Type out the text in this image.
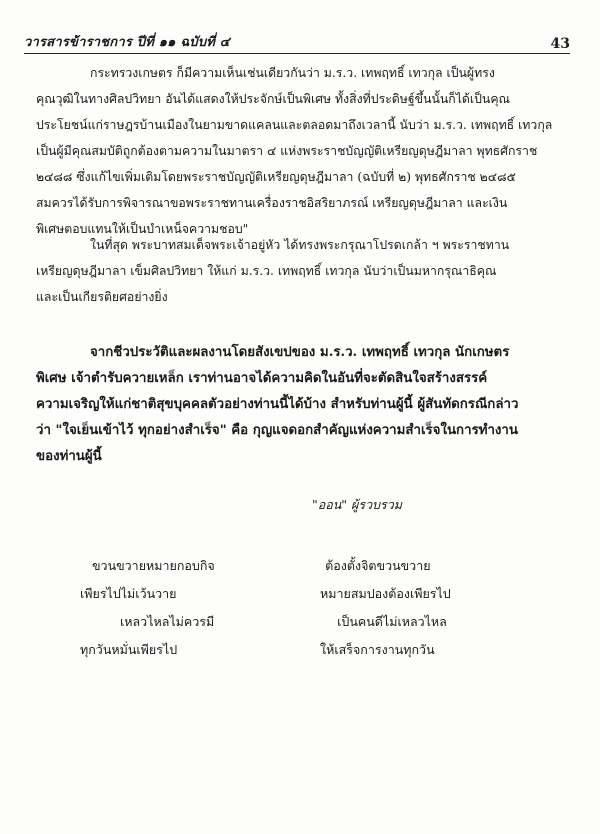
วารสารข้าราชการ ปีที่ ๑๑ ฉบับที่ ๔	43
กระทรวงเกษตร ก็มีความเห็นเช่นเดียวกันว่า ม.ร.ว. เทพฤทธิ์ เทวกุล เป็นผู้ทรง
คุณวุฒิในทางศิลปวิทยา อันได้แสดงให้ประจักษ์เป็นพิเศษ ทั้งสิ่งที่ประดิษฐ์ขึ้นนั้นก็ได้เป็นคุณ
ประโยชน์แก่ราษฎรบ้านเมืองในยามขาดแคลนและตลอดมาถึงเวลานี้ นับว่า ม.ร.ว. เทพฤทธิ์ เทวกุล
เป็นผู้มีคุณสมบัติถูกต้องตามความในมาตรา ๔ แห่งพระราชบัญญัติเหรียญดุษฎีมาลา พุทธศักราช
๒๔๘๘ ซึ่งแก้ไขเพิ่มเติมโดยพระราชบัญญัติเหรียญดุษฎีมาลา (ฉบับที่ ๒) พุทธศักราช ๒๔๘๕
สมควรได้รับการพิจารณาขอพระราชทานเครื่องราชอิสริยาภรณ์ เหรียญดุษฎีมาลา และเงิน
พิเศษตอบแทนให้เป็นบำเหน็จความชอบ"
ในที่สุด พระบาทสมเด็จพระเจ้าอยู่หัว ได้ทรงพระกรุณาโปรดเกล้า ฯ พระราชทาน
เหรียญดุษฎีมาลา เข็มศิลปวิทยา ให้แก่ ม.ร.ว. เทพฤทธิ์ เทวกุล นับว่าเป็นมหากรุณาธิคุณ
และเป็นเกียรติยศอย่างยิ่ง
จากชีวประวัติและผลงานโดยสังเขปของ ม.ร.ว. เทพฤทธิ์ เทวกุล นักเกษตร
พิเศษ เจ้าตำรับควายเหล็ก เราท่านอาจได้ความคิดในอันที่จะตัดสินใจสร้างสรรค์
ความเจริญให้แก่ชาติสุขบุคคลตัวอย่างท่านนี้ได้บ้าง สำหรับท่านผู้นี้ ผู้สันทัดกรณีกล่าว
ว่า "ใจเย็นเข้าไว้ ทุกอย่างสำเร็จ" คือ กุญแจดอกสำคัญแห่งความสำเร็จในการทำงาน
ของท่านผู้นี้
"ออน" ผู้รวบรวม
ขวนขวายหมายกอบกิจ	ต้องตั้งจิตขวนขวาย
เพียรไปไม่เว้นวาย	หมายสมปองต้องเพียรไป
เหลวไหลไม่ควรมี	เป็นคนดีไม่เหลวไหล
ทุกวันหมั่นเพียรไป	ให้เสร็จการงานทุกวัน
